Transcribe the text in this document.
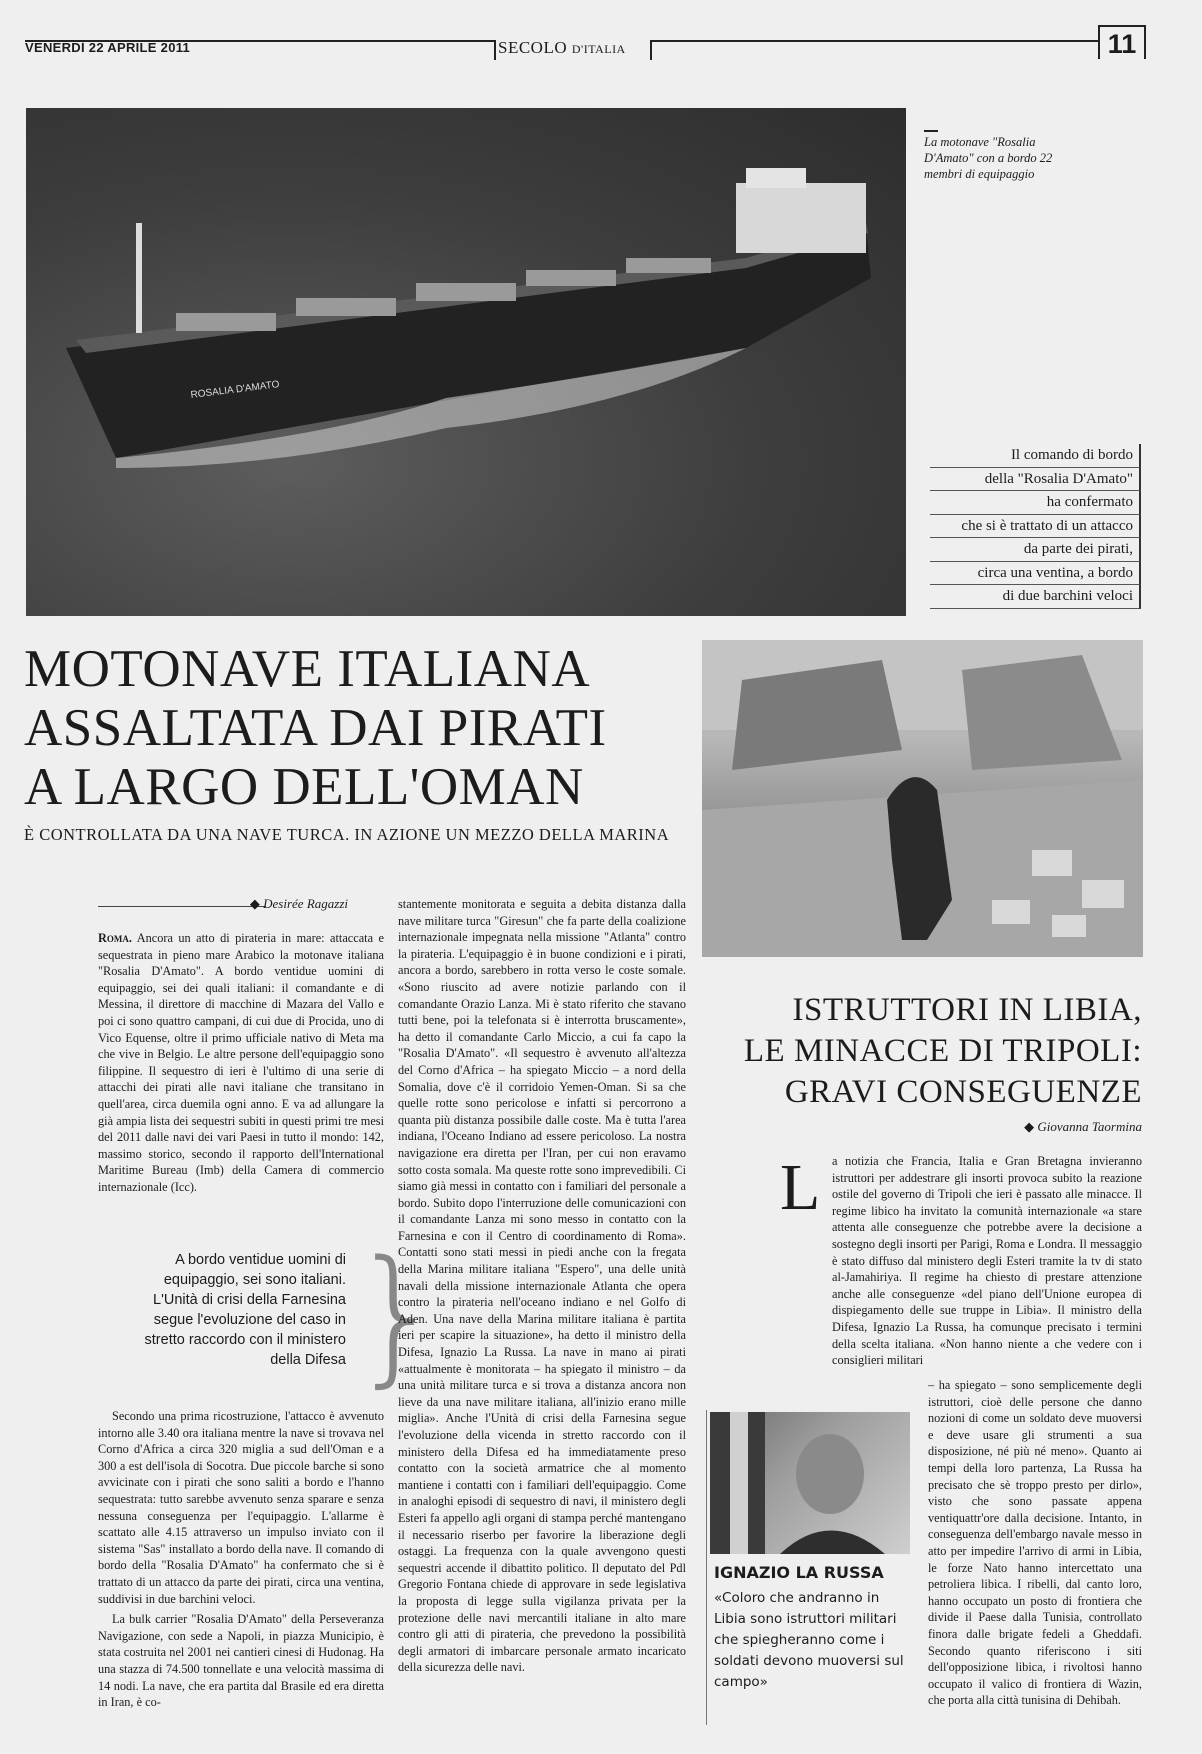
VENERDÌ 22 APRILE 2011	SECOLO D'ITALIA	11
ROSALIA D'AMATO
La motonave "Rosalia D'Amato" con a bordo 22 membri di equipaggio
Il comando di bordo
della "Rosalia D'Amato"
ha confermato
che si è trattato di un attacco
da parte dei pirati,
circa una ventina, a bordo
di due barchini veloci
MOTONAVE ITALIANA
ASSALTATA DAI PIRATI
A LARGO DELL'OMAN
È CONTROLLATA DA UNA NAVE TURCA. IN AZIONE UN MEZZO DELLA MARINA
ISTRUTTORI IN LIBIA,
LE MINACCE DI TRIPOLI:
GRAVI CONSEGUENZE
◆ Giovanna Taormina
◆ Desirée Ragazzi

Roma. Ancora un atto di pirateria in mare: attaccata e sequestrata in pieno mare Arabico la motonave italiana "Rosalia D'Amato". A bordo ventidue uomini di equipaggio, sei dei quali italiani: il comandante e di Messina, il direttore di macchine di Mazara del Vallo e poi ci sono quattro campani, di cui due di Procida, uno di Vico Equense, oltre il primo ufficiale nativo di Meta ma che vive in Belgio. Le altre persone dell'equipaggio sono filippine. Il sequestro di ieri è l'ultimo di una serie di attacchi dei pirati alle navi italiane che transitano in quell'area, circa duemila ogni anno. E va ad allungare la già ampia lista dei sequestri subiti in questi primi tre mesi del 2011 dalle navi dei vari Paesi in tutto il mondo: 142, massimo storico, secondo il rapporto dell'International Maritime Bureau (Imb) della Camera di commercio internazionale (Icc).

A bordo ventidue uomini di equipaggio, sei sono italiani. L'Unità di crisi della Farnesina segue l'evoluzione del caso in stretto raccordo con il ministero della Difesa }

Secondo una prima ricostruzione, l'attacco è avvenuto intorno alle 3.40 ora italiana mentre la nave si trovava nel Corno d'Africa a circa 320 miglia a sud dell'Oman e a 300 a est dell'isola di Socotra. Due piccole barche si sono avvicinate con i pirati che sono saliti a bordo e l'hanno sequestrata: tutto sarebbe avvenuto senza sparare e senza nessuna conseguenza per l'equipaggio. L'allarme è scattato alle 4.15 attraverso un impulso inviato con il sistema "Sas" installato a bordo della nave. Il comando di bordo della "Rosalia D'Amato" ha confermato che si è trattato di un attacco da parte dei pirati, circa una ventina, suddivisi in due barchini veloci.

La bulk carrier "Rosalia D'Amato" della Perseveranza Navigazione, con sede a Napoli, in piazza Municipio, è stata costruita nel 2001 nei cantieri cinesi di Hudonag. Ha una stazza di 74.500 tonnellate e una velocità massima di 14 nodi. La nave, che era partita dal Brasile ed era diretta in Iran, è co-

stantemente monitorata e seguita a debita distanza dalla nave militare turca "Giresun" che fa parte della coalizione internazionale impegnata nella missione "Atlanta" contro la pirateria. L'equipaggio è in buone condizioni e i pirati, ancora a bordo, sarebbero in rotta verso le coste somale. «Sono riuscito ad avere notizie parlando con il comandante Orazio Lanza. Mi è stato riferito che stavano tutti bene, poi la telefonata si è interrotta bruscamente», ha detto il comandante Carlo Miccio, a cui fa capo la "Rosalia D'Amato". «Il sequestro è avvenuto all'altezza del Corno d'Africa – ha spiegato Miccio – a nord della Somalia, dove c'è il corridoio Yemen-Oman. Si sa che quelle rotte sono pericolose e infatti si percorrono a quanta più distanza possibile dalle coste. Ma è tutta l'area indiana, l'Oceano Indiano ad essere pericoloso. La nostra navigazione era diretta per l'Iran, per cui non eravamo sotto costa somala. Ma queste rotte sono imprevedibili. Ci siamo già messi in contatto con i familiari del personale a bordo. Subito dopo l'interruzione delle comunicazioni con il comandante Lanza mi sono messo in contatto con la Farnesina e con il Centro di coordinamento di Roma». Contatti sono stati messi in piedi anche con la fregata della Marina militare italiana "Espero", una delle unità navali della missione internazionale Atlanta che opera contro la pirateria nell'oceano indiano e nel Golfo di Aden. Una nave della Marina militare italiana è partita ieri per scapire la situazione», ha detto il ministro della Difesa, Ignazio La Russa. La nave in mano ai pirati «attualmente è monitorata – ha spiegato il ministro – da una unità militare turca e si trova a distanza ancora non lieve da una nave militare italiana, all'inizio erano mille miglia». Anche l'Unità di crisi della Farnesina segue l'evoluzione della vicenda in stretto raccordo con il ministero della Difesa ed ha immediatamente preso contatto con la società armatrice che al momento mantiene i contatti con i familiari dell'equipaggio. Come in analoghi episodi di sequestro di navi, il ministero degli Esteri fa appello agli organi di stampa perché mantengano il necessario riserbo per favorire la liberazione degli ostaggi. La frequenza con la quale avvengono questi sequestri accende il dibattito politico. Il deputato del Pdl Gregorio Fontana chiede di approvare in sede legislativa la proposta di legge sulla vigilanza privata per la protezione delle navi mercantili italiane in alto mare contro gli atti di pirateria, che prevedono la possibilità degli armatori di imbarcare personale armato incaricato della sicurezza delle navi.

L a notizia che Francia, Italia e Gran Bretagna invieranno istruttori per addestrare gli insorti provoca subito la reazione ostile del governo di Tripoli che ieri è passato alle minacce. Il regime libico ha invitato la comunità internazionale «a stare attenta alle conseguenze che potrebbe avere la decisione a sostegno degli insorti per Parigi, Roma e Londra. Il messaggio è stato diffuso dal ministero degli Esteri tramite la tv di stato al-Jamahiriya. Il regime ha chiesto di prestare attenzione anche alle conseguenze «del piano dell'Unione europea di dispiegamento delle sue truppe in Libia». Il ministro della Difesa, Ignazio La Russa, ha comunque precisato i termini della scelta italiana. «Non hanno niente a che vedere con i consiglieri militari

– ha spiegato – sono semplicemente degli istruttori, cioè delle persone che danno nozioni di come un soldato deve muoversi e deve usare gli strumenti a sua disposizione, né più né meno». Quanto ai tempi della loro partenza, La Russa ha precisato che sè troppo presto per dirlo», visto che sono passate appena ventiquattr'ore dalla decisione. Intanto, in conseguenza dell'embargo navale messo in atto per impedire l'arrivo di armi in Libia, le forze Nato hanno intercettato una petroliera libica. I ribelli, dal canto loro, hanno occupato un posto di frontiera che divide il Paese dalla Tunisia, controllato finora dalle brigate fedeli a Gheddafi. Secondo quanto riferiscono i siti dell'opposizione libica, i rivoltosi hanno occupato il valico di frontiera di Wazin, che porta alla città tunisina di Dehibah.

IGNAZIO LA RUSSA
«Coloro che andranno in Libia sono istruttori militari che spiegheranno come i soldati devono muoversi sul campo»
